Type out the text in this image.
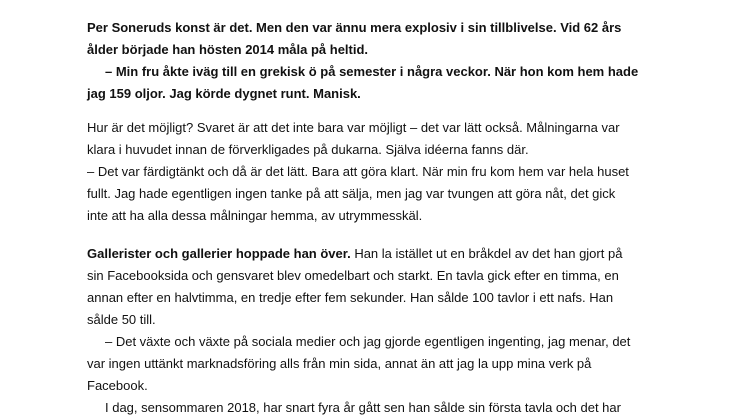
Per Soneruds konst är det. Men den var ännu mera explosiv i sin tillblivelse. Vid 62 års
ålder började han hösten 2014 måla på heltid.
– Min fru åkte iväg till en grekisk ö på semester i några veckor. När hon kom hem hade
jag 159 oljor. Jag körde dygnet runt. Manisk.
Hur är det möjligt? Svaret är att det inte bara var möjligt – det var lätt också. Målningarna var
klara i huvudet innan de förverkligades på dukarna. Själva idéerna fanns där.
– Det var färdigtänkt och då är det lätt. Bara att göra klart. När min fru kom hem var hela huset
fullt. Jag hade egentligen ingen tanke på att sälja, men jag var tvungen att göra nåt, det gick
inte att ha alla dessa målningar hemma, av utrymmesskäl.
Gallerister och gallerier hoppade han över. Han la istället ut en bråkdel av det han gjort på
sin Facebooksida och gensvaret blev omedelbart och starkt. En tavla gick efter en timma, en
annan efter en halvtimma, en tredje efter fem sekunder. Han sålde 100 tavlor i ett nafs. Han
sålde 50 till.
– Det växte och växte på sociala medier och jag gjorde egentligen ingenting, jag menar, det
var ingen uttänkt marknadsföring alls från min sida, annat än att jag la upp mina verk på
Facebook.
I dag, sensommaren 2018, har snart fyra år gått sen han sålde sin första tavla och det har
